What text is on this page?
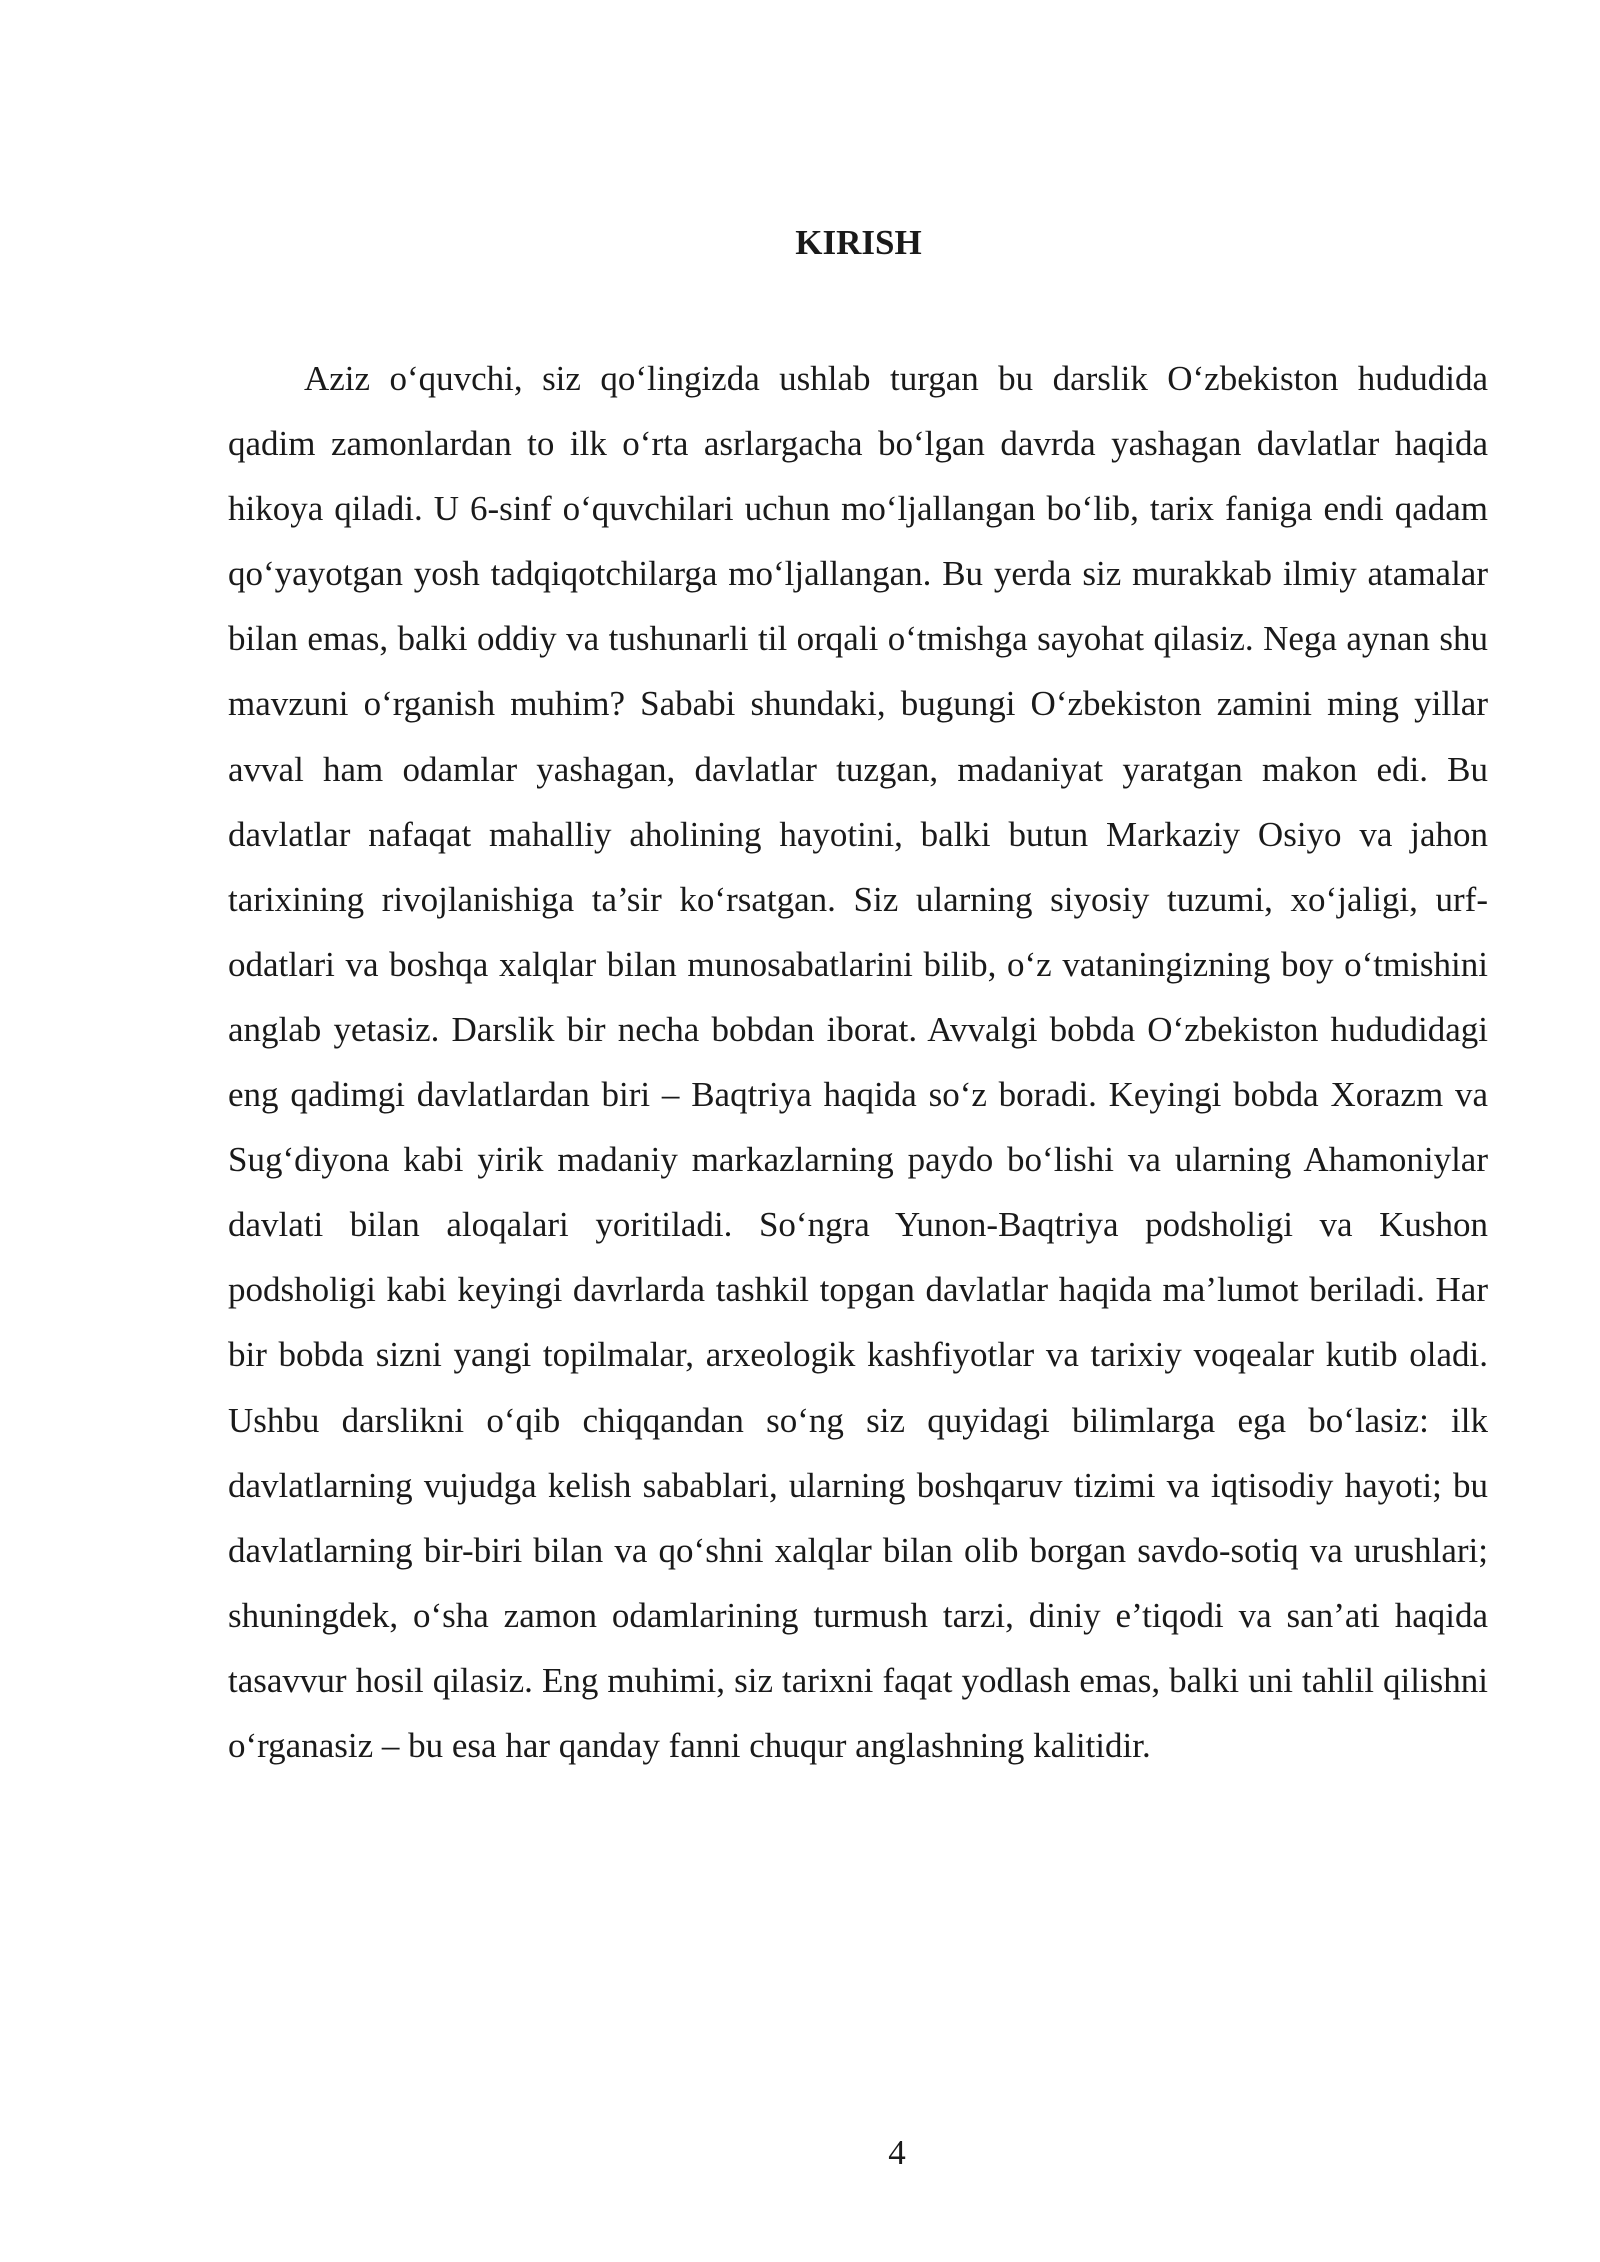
KIRISH

Aziz o‘quvchi, siz qo‘lingizda ushlab turgan bu darslik O‘zbekiston hududida qadim zamonlardan to ilk o‘rta asrlargacha bo‘lgan davrda yashagan davlatlar haqida hikoya qiladi. U 6-sinf o‘quvchilari uchun mo‘ljallangan bo‘lib, tarix faniga endi qadam qo‘yayotgan yosh tadqiqotchilarga mo‘ljallangan. Bu yerda siz murakkab ilmiy atamalar bilan emas, balki oddiy va tushunarli til orqali o‘tmishga sayohat qilasiz. Nega aynan shu mavzuni o‘rganish muhim? Sababi shundaki, bugungi O‘zbekiston zamini ming yillar avval ham odamlar yashagan, davlatlar tuzgan, madaniyat yaratgan makon edi. Bu davlatlar nafaqat mahalliy aholining hayotini, balki butun Markaziy Osiyo va jahon tarixining rivojlanishiga ta’sir ko‘rsatgan. Siz ularning siyosiy tuzumi, xo‘jaligi, urf-odatlari va boshqa xalqlar bilan munosabatlarini bilib, o‘z vataningizning boy o‘tmishini anglab yetasiz. Darslik bir necha bobdan iborat. Avvalgi bobda O‘zbekiston hududidagi eng qadimgi davlatlardan biri – Baqtriya haqida so‘z boradi. Keyingi bobda Xorazm va Sug‘diyona kabi yirik madaniy markazlarning paydo bo‘lishi va ularning Ahamoniylar davlati bilan aloqalari yoritiladi. So‘ngra Yunon-Baqtriya podsholigi va Kushon podsholigi kabi keyingi davrlarda tashkil topgan davlatlar haqida ma’lumot beriladi. Har bir bobda sizni yangi topilmalar, arxeologik kashfiyotlar va tarixiy voqealar kutib oladi. Ushbu darslikni o‘qib chiqqandan so‘ng siz quyidagi bilimlarga ega bo‘lasiz: ilk davlatlarning vujudga kelish sabablari, ularning boshqaruv tizimi va iqtisodiy hayoti; bu davlatlarning bir-biri bilan va qo‘shni xalqlar bilan olib borgan savdo-sotiq va urushlari; shuningdek, o‘sha zamon odamlarining turmush tarzi, diniy e’tiqodi va san’ati haqida tasavvur hosil qilasiz. Eng muhimi, siz tarixni faqat yodlash emas, balki uni tahlil qilishni o‘rganasiz – bu esa har qanday fanni chuqur anglashning kalitidir.

4
